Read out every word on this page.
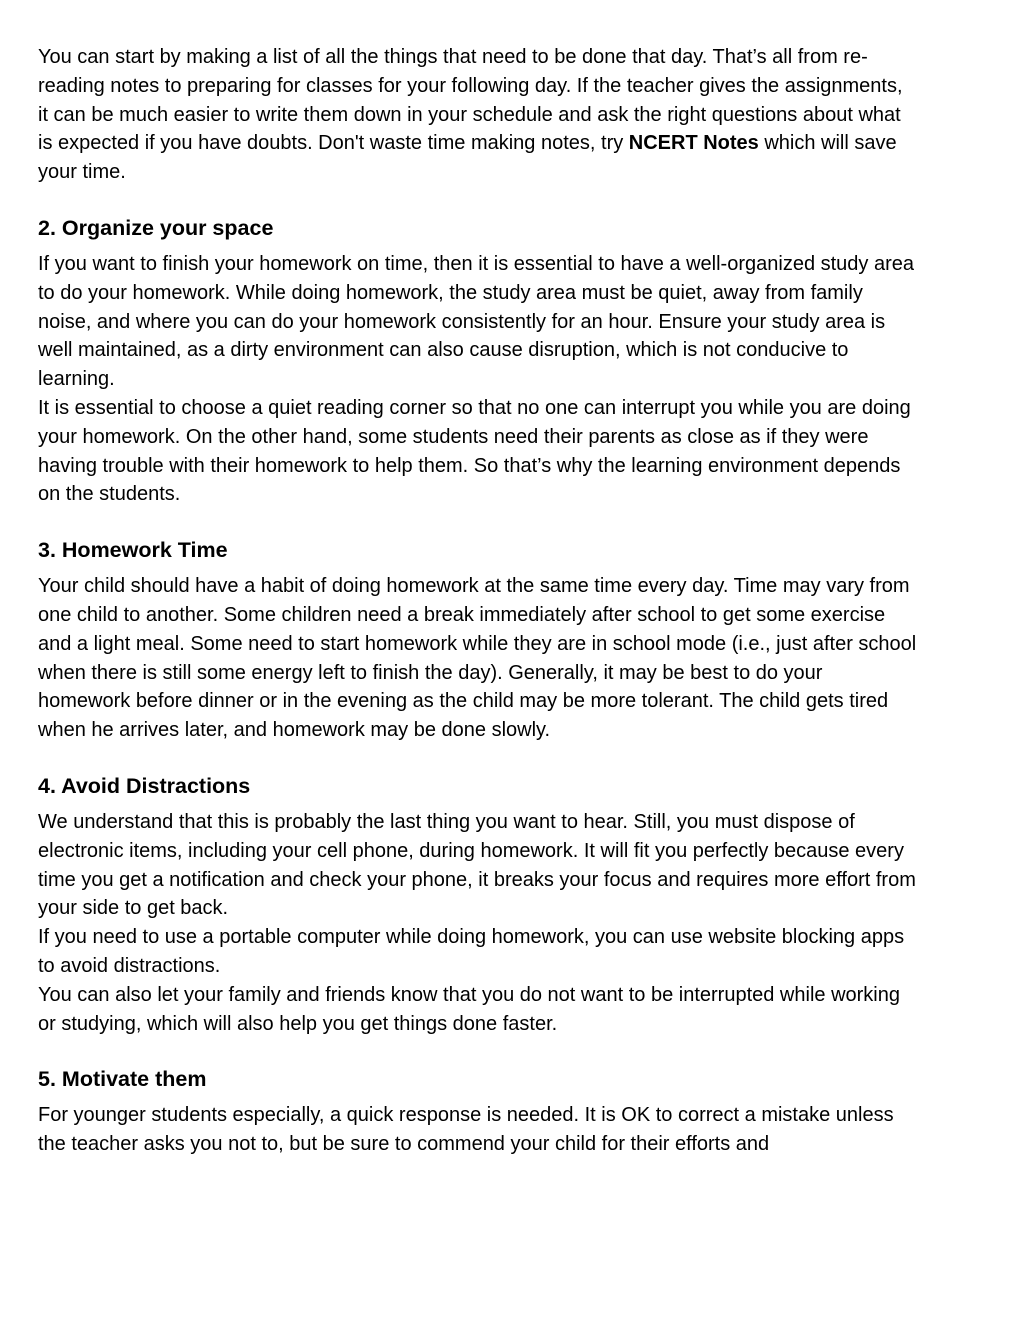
You can start by making a list of all the things that need to be done that day. That’s all from re-reading notes to preparing for classes for your following day. If the teacher gives the assignments, it can be much easier to write them down in your schedule and ask the right questions about what is expected if you have doubts. Don't waste time making notes, try NCERT Notes which will save your time.

2. Organize your space

If you want to finish your homework on time, then it is essential to have a well-organized study area to do your homework. While doing homework, the study area must be quiet, away from family noise, and where you can do your homework consistently for an hour. Ensure your study area is well maintained, as a dirty environment can also cause disruption, which is not conducive to learning.

It is essential to choose a quiet reading corner so that no one can interrupt you while you are doing your homework. On the other hand, some students need their parents as close as if they were having trouble with their homework to help them. So that’s why the learning environment depends on the students.

3. Homework Time

Your child should have a habit of doing homework at the same time every day. Time may vary from one child to another. Some children need a break immediately after school to get some exercise and a light meal. Some need to start homework while they are in school mode (i.e., just after school when there is still some energy left to finish the day). Generally, it may be best to do your homework before dinner or in the evening as the child may be more tolerant. The child gets tired when he arrives later, and homework may be done slowly.

4. Avoid Distractions

We understand that this is probably the last thing you want to hear. Still, you must dispose of electronic items, including your cell phone, during homework. It will fit you perfectly because every time you get a notification and check your phone, it breaks your focus and requires more effort from your side to get back.

If you need to use a portable computer while doing homework, you can use website blocking apps to avoid distractions.

You can also let your family and friends know that you do not want to be interrupted while working or studying, which will also help you get things done faster.

5. Motivate them

For younger students especially, a quick response is needed. It is OK to correct a mistake unless the teacher asks you not to, but be sure to commend your child for their efforts and
